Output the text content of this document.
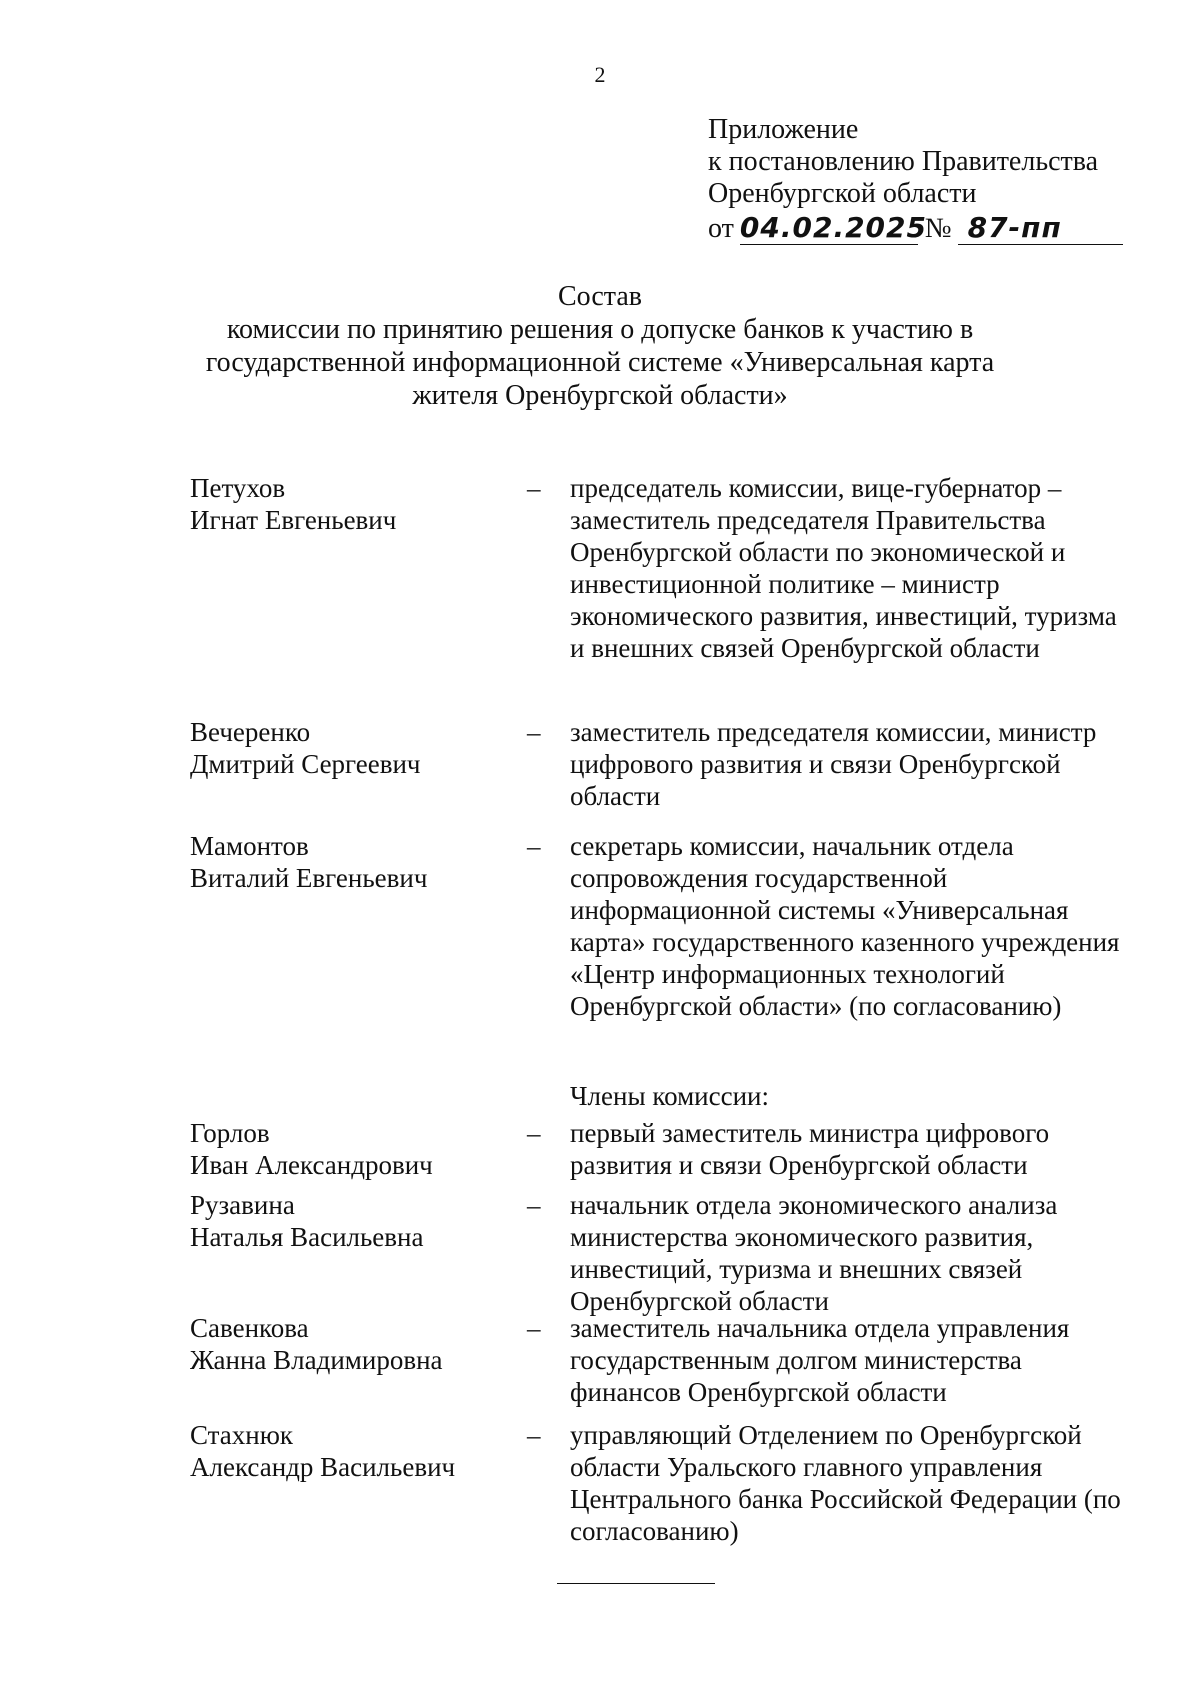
2
Приложение
к постановлению Правительства
Оренбургской области
от 04.02.2025 № 87-пп
Состав
комиссии по принятию решения о допуске банков к участию в
государственной информационной системе «Универсальная карта
жителя Оренбургской области»
Петухов
Игнат Евгеньевич
– председатель комиссии, вице-губернатор – заместитель председателя Правительства Оренбургской области по экономической и инвестиционной политике – министр экономического развития, инвестиций, туризма и внешних связей Оренбургской области
Вечеренко
Дмитрий Сергеевич
– заместитель председателя комиссии, министр цифрового развития и связи Оренбургской области
Мамонтов
Виталий Евгеньевич
– секретарь комиссии, начальник отдела сопровождения государственной информационной системы «Универсальная карта» государственного казенного учреждения «Центр информационных технологий Оренбургской области» (по согласованию)
Члены комиссии:
Горлов
Иван Александрович
– первый заместитель министра цифрового развития и связи Оренбургской области
Рузавина
Наталья Васильевна
– начальник отдела экономического анализа министерства экономического развития, инвестиций, туризма и внешних связей Оренбургской области
Савенкова
Жанна Владимировна
– заместитель начальника отдела управления государственным долгом министерства финансов Оренбургской области
Стахнюк
Александр Васильевич
– управляющий Отделением по Оренбургской области Уральского главного управления Центрального банка Российской Федерации (по согласованию)
